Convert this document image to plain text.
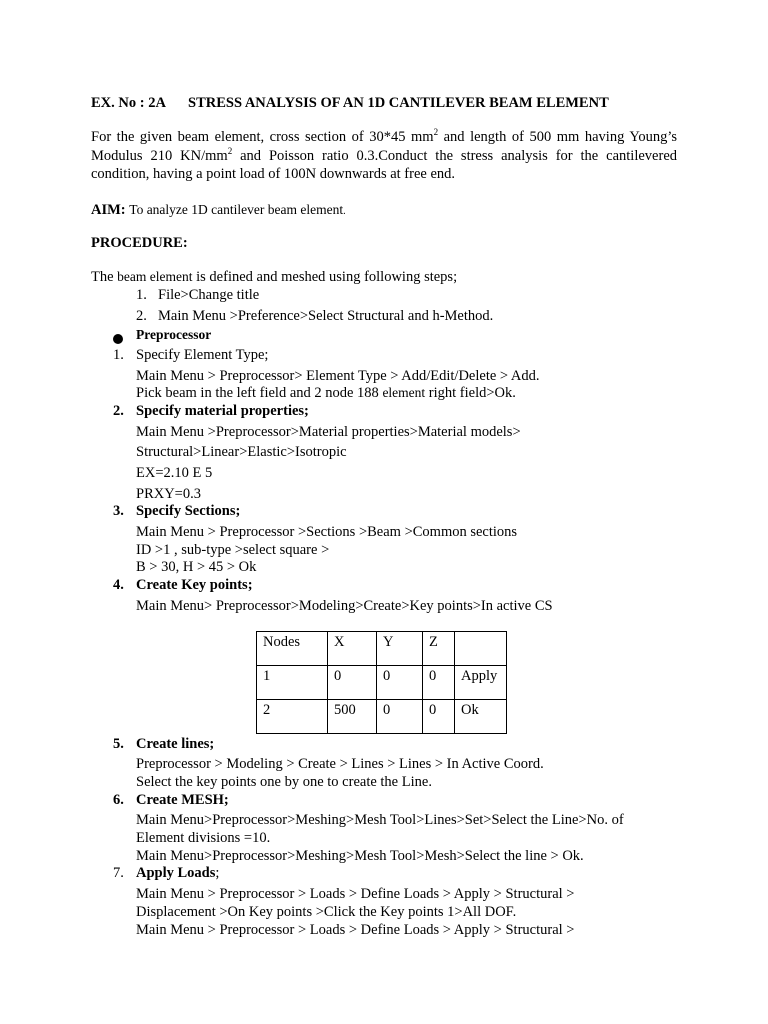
EX. No : 2A STRESS ANALYSIS OF AN 1D CANTILEVER BEAM ELEMENT
For the given beam element, cross section of 30*45 $mm^2$ and length of 500 mm having Young’s Modulus 210 $KN/mm^2$ and Poisson ratio 0.3.Conduct the stress analysis for the cantilevered condition, having a point load of 100N downwards at free end.
AIM: To analyze 1D cantilever beam element.
PROCEDURE:
The beam element is defined and meshed using following steps;
1. File>Change title
2. Main Menu >Preference>Select Structural and h-Method.
Preprocessor
1. Specify Element Type;
Main Menu > Preprocessor> Element Type > Add/Edit/Delete > Add.
Pick beam in the left field and 2 node 188 element right field>Ok.
2. Specify material properties;
Main Menu >Preprocessor>Material properties>Material models>
Structural>Linear>Elastic>Isotropic
EX=2.10 E 5
PRXY=0.3
3. Specify Sections;
Main Menu > Preprocessor >Sections >Beam >Common sections
ID >1 , sub-type >select square >
B > 30, H > 45 > Ok
4. Create Key points;
Main Menu> Preprocessor>Modeling>Create>Key points>In active CS
Nodes	X	Y	Z	
1	0	0	0	Apply
2	500	0	0	Ok
5. Create lines;
Preprocessor > Modeling > Create > Lines > Lines > In Active Coord.
Select the key points one by one to create the Line.
6. Create MESH;
Main Menu>Preprocessor>Meshing>Mesh Tool>Lines>Set>Select the Line>No. of
Element divisions =10.
Main Menu>Preprocessor>Meshing>Mesh Tool>Mesh>Select the line > Ok.
7. Apply Loads;
Main Menu > Preprocessor > Loads > Define Loads > Apply > Structural >
Displacement >On Key points >Click the Key points 1>All DOF.
Main Menu > Preprocessor > Loads > Define Loads > Apply > Structural >
